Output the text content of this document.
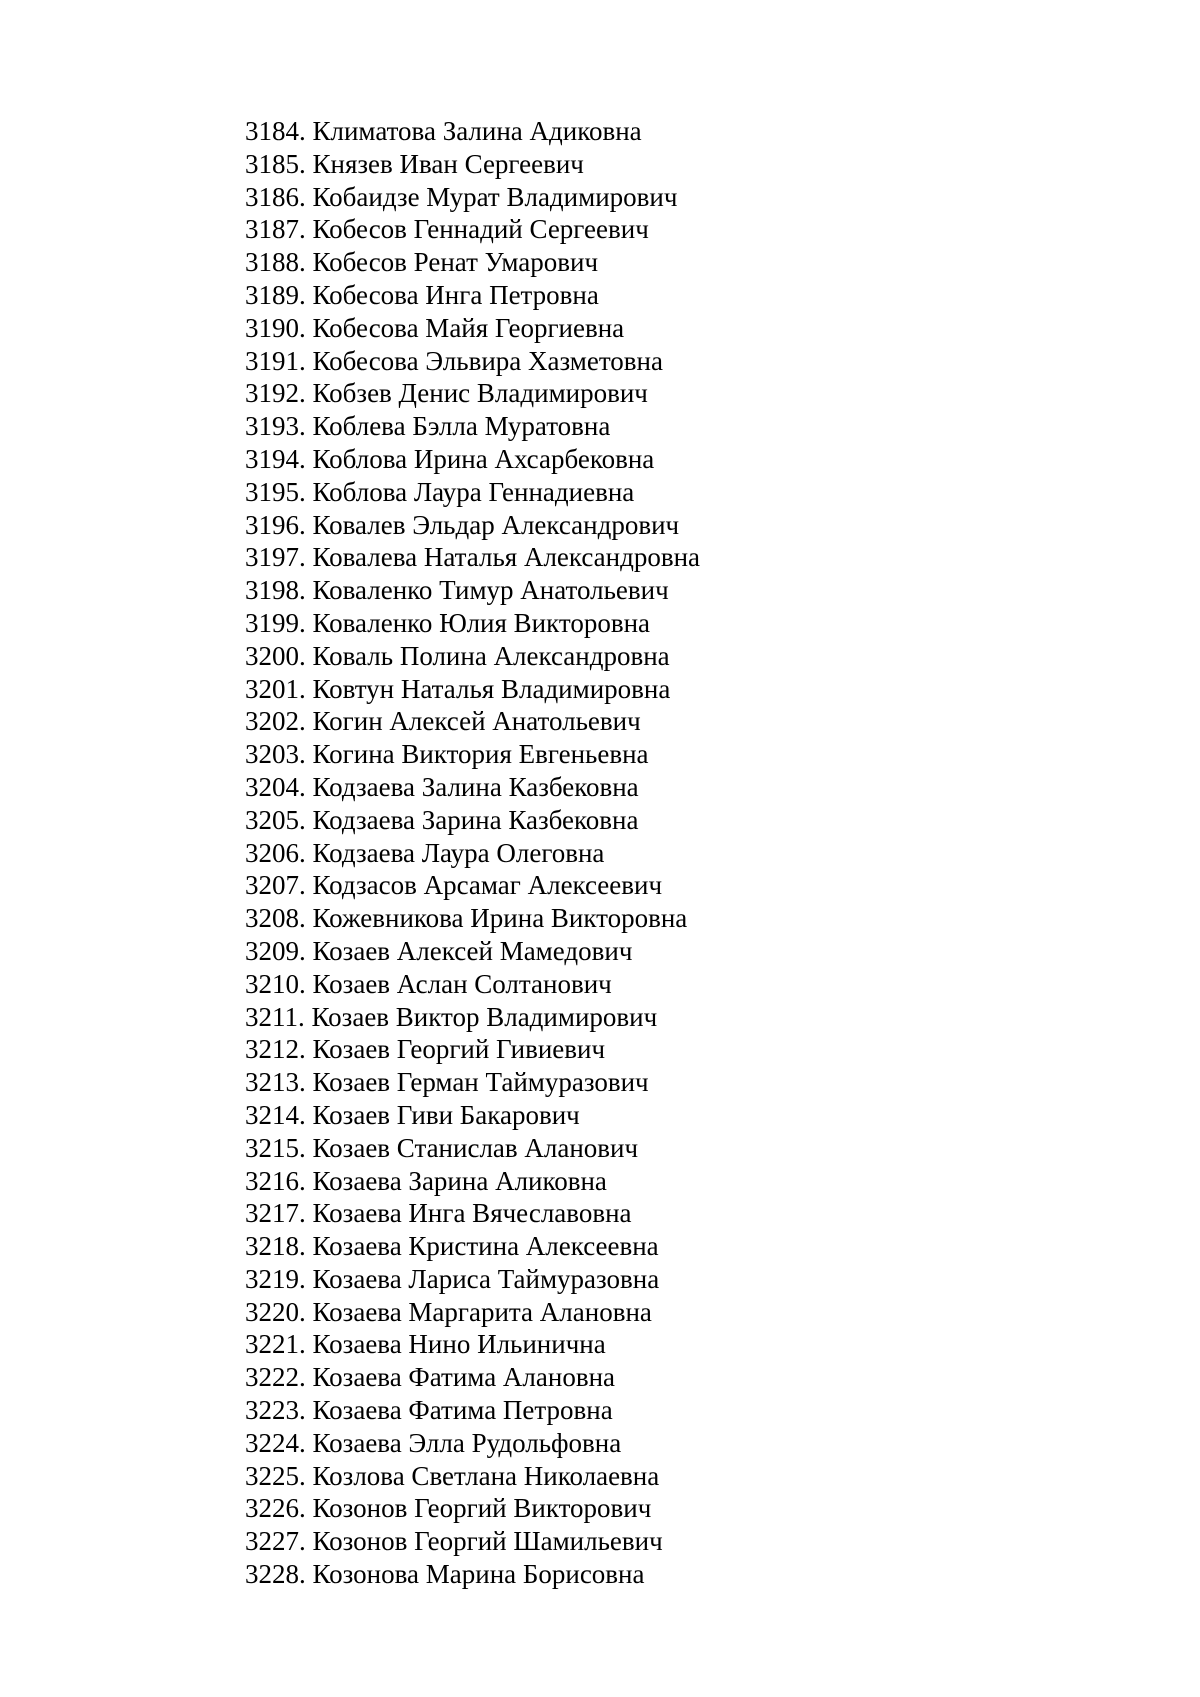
3184. Климатова Залина Адиковна
3185. Князев Иван Сергеевич
3186. Кобаидзе Мурат Владимирович
3187. Кобесов Геннадий Сергеевич
3188. Кобесов Ренат Умарович
3189. Кобесова Инга Петровна
3190. Кобесова Майя Георгиевна
3191. Кобесова Эльвира Хазметовна
3192. Кобзев Денис Владимирович
3193. Коблева Бэлла Муратовна
3194. Коблова Ирина Ахсарбековна
3195. Коблова Лаура Геннадиевна
3196. Ковалев Эльдар Александрович
3197. Ковалева Наталья Александровна
3198. Коваленко Тимур Анатольевич
3199. Коваленко Юлия Викторовна
3200. Коваль Полина Александровна
3201. Ковтун Наталья Владимировна
3202. Когин Алексей Анатольевич
3203. Когина Виктория Евгеньевна
3204. Кодзаева Залина Казбековна
3205. Кодзаева Зарина Казбековна
3206. Кодзаева Лаура Олеговна
3207. Кодзасов Арсамаг Алексеевич
3208. Кожевникова Ирина Викторовна
3209. Козаев Алексей Мамедович
3210. Козаев Аслан Солтанович
3211. Козаев Виктор Владимирович
3212. Козаев Георгий Гивиевич
3213. Козаев Герман Таймуразович
3214. Козаев Гиви Бакарович
3215. Козаев Станислав Аланович
3216. Козаева Зарина Аликовна
3217. Козаева Инга Вячеславовна
3218. Козаева Кристина Алексеевна
3219. Козаева Лариса Таймуразовна
3220. Козаева Маргарита Алановна
3221. Козаева Нино Ильинична
3222. Козаева Фатима Алановна
3223. Козаева Фатима Петровна
3224. Козаева Элла Рудольфовна
3225. Козлова Светлана Николаевна
3226. Козонов Георгий Викторович
3227. Козонов Георгий Шамильевич
3228. Козонова Марина Борисовна
